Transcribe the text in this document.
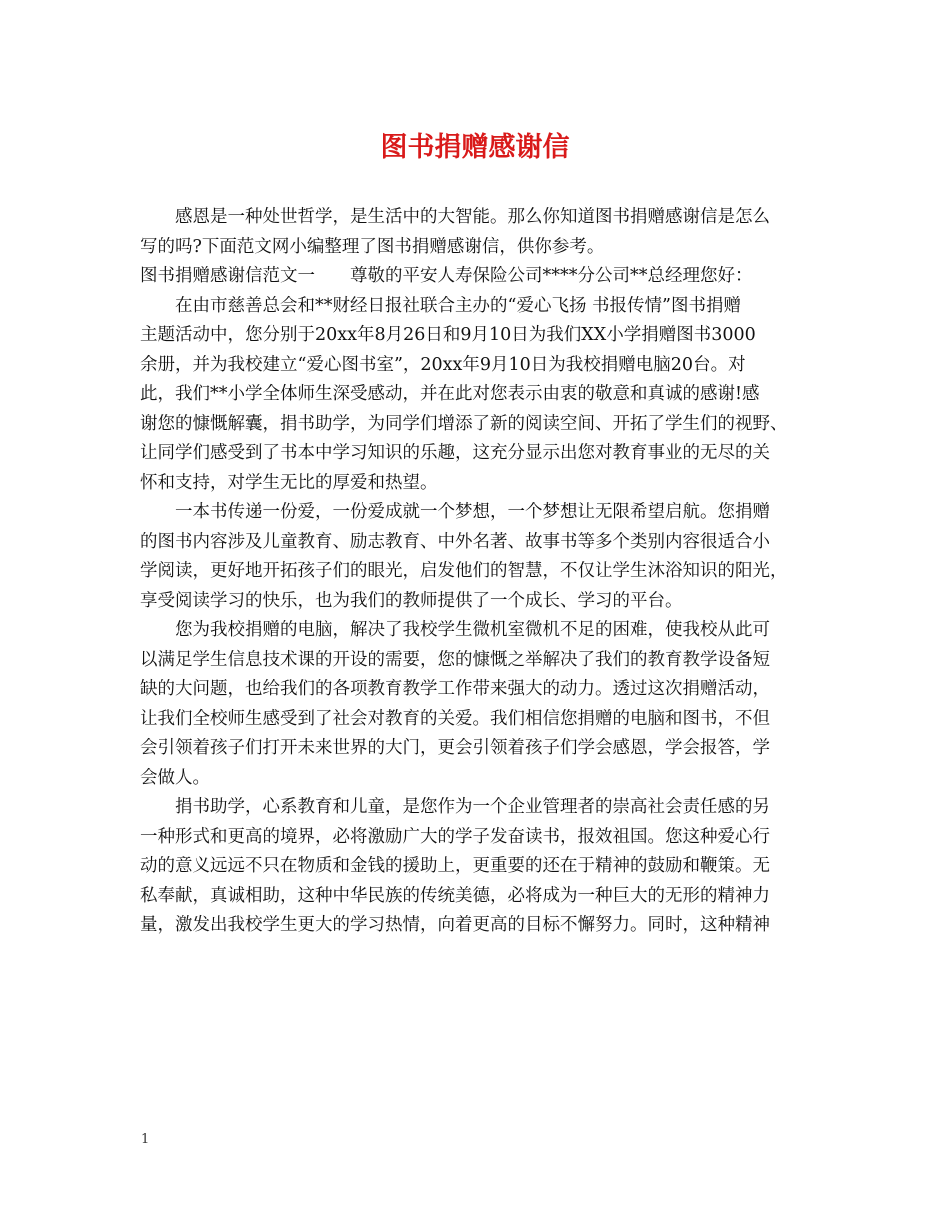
图书捐赠感谢信

感恩是一种处世哲学，是生活中的大智能。那么你知道图书捐赠感谢信是怎么

写的吗?下面范文网小编整理了图书捐赠感谢信，供你参考。

图书捐赠感谢信范文一　　尊敬的平安人寿保险公司****分公司**总经理您好：

在由市慈善总会和**财经日报社联合主办的“爱心飞扬 书报传情”图书捐赠

主题活动中，您分别于20xx年8月26日和9月10日为我们XX小学捐赠图书3000

余册，并为我校建立“爱心图书室”，20xx年9月10日为我校捐赠电脑20台。对

此，我们**小学全体师生深受感动，并在此对您表示由衷的敬意和真诚的感谢!感

谢您的慷慨解囊，捐书助学，为同学们增添了新的阅读空间、开拓了学生们的视野、

让同学们感受到了书本中学习知识的乐趣，这充分显示出您对教育事业的无尽的关

怀和支持，对学生无比的厚爱和热望。

一本书传递一份爱，一份爱成就一个梦想，一个梦想让无限希望启航。您捐赠

的图书内容涉及儿童教育、励志教育、中外名著、故事书等多个类别内容很适合小

学阅读，更好地开拓孩子们的眼光，启发他们的智慧，不仅让学生沐浴知识的阳光，

享受阅读学习的快乐，也为我们的教师提供了一个成长、学习的平台。

您为我校捐赠的电脑，解决了我校学生微机室微机不足的困难，使我校从此可

以满足学生信息技术课的开设的需要，您的慷慨之举解决了我们的教育教学设备短

缺的大问题，也给我们的各项教育教学工作带来强大的动力。透过这次捐赠活动，

让我们全校师生感受到了社会对教育的关爱。我们相信您捐赠的电脑和图书，不但

会引领着孩子们打开未来世界的大门，更会引领着孩子们学会感恩，学会报答，学

会做人。

捐书助学，心系教育和儿童，是您作为一个企业管理者的崇高社会责任感的另

一种形式和更高的境界，必将激励广大的学子发奋读书，报效祖国。您这种爱心行

动的意义远远不只在物质和金钱的援助上，更重要的还在于精神的鼓励和鞭策。无

私奉献，真诚相助，这种中华民族的传统美德，必将成为一种巨大的无形的精神力

量，激发出我校学生更大的学习热情，向着更高的目标不懈努力。同时，这种精神

1
